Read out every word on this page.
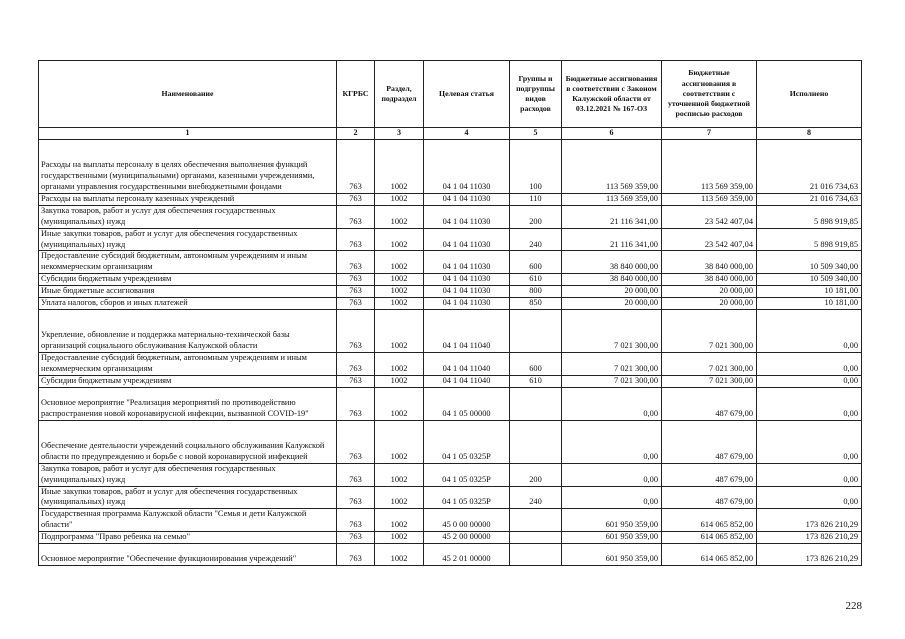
Наименование	КГРБС	Раздел, подраздел	Целевая статья	Группы и подгруппы видов расходов	Бюджетные ассигнования в соответствии с Законом Калужской области от 03.12.2021 № 167-ОЗ	Бюджетные ассигнования в соответствии с уточненной бюджетной росписью расходов	Исполнено
1	2	3	4	5	6	7	8
Расходы на выплаты персоналу в целях обеспечения выполнения функций государственными (муниципальными) органами, казенными учреждениями, органами управления государственными внебюджетными фондами	763	1002	04 1 04 11030	100	113 569 359,00	113 569 359,00	21 016 734,63
Расходы на выплаты персоналу казенных учреждений	763	1002	04 1 04 11030	110	113 569 359,00	113 569 359,00	21 016 734,63
Закупка товаров, работ и услуг для обеспечения государственных (муниципальных) нужд	763	1002	04 1 04 11030	200	21 116 341,00	23 542 407,04	5 898 919,85
Иные закупки товаров, работ и услуг для обеспечения государственных (муниципальных) нужд	763	1002	04 1 04 11030	240	21 116 341,00	23 542 407,04	5 898 919,85
Предоставление субсидий бюджетным, автономным учреждениям и иным некоммерческим организациям	763	1002	04 1 04 11030	600	38 840 000,00	38 840 000,00	10 509 340,00
Субсидии бюджетным учреждениям	763	1002	04 1 04 11030	610	38 840 000,00	38 840 000,00	10 509 340,00
Иные бюджетные ассигнования	763	1002	04 1 04 11030	800	20 000,00	20 000,00	10 181,00
Уплата налогов, сборов и иных платежей	763	1002	04 1 04 11030	850	20 000,00	20 000,00	10 181,00
Укрепление, обновление и поддержка материально-технической базы организаций социального обслуживания Калужской области	763	1002	04 1 04 11040		7 021 300,00	7 021 300,00	0,00
Предоставление субсидий бюджетным, автономным учреждениям и иным некоммерческим организациям	763	1002	04 1 04 11040	600	7 021 300,00	7 021 300,00	0,00
Субсидии бюджетным учреждениям	763	1002	04 1 04 11040	610	7 021 300,00	7 021 300,00	0,00
Основное мероприятие "Реализация мероприятий по противодействию распространения новой коронавирусной инфекции, вызванной COVID-19"	763	1002	04 1 05 00000		0,00	487 679,00	0,00
Обеспечение деятельности учреждений социального обслуживания Калужской области по предупреждению и борьбе с новой коронавирусной инфекцией	763	1002	04 1 05 0325P		0,00	487 679,00	0,00
Закупка товаров, работ и услуг для обеспечения государственных (муниципальных) нужд	763	1002	04 1 05 0325P	200	0,00	487 679,00	0,00
Иные закупки товаров, работ и услуг для обеспечения государственных (муниципальных) нужд	763	1002	04 1 05 0325P	240	0,00	487 679,00	0,00
Государственная программа Калужской области "Семья и дети Калужской области"	763	1002	45 0 00 00000		601 950 359,00	614 065 852,00	173 826 210,29
Подпрограмма "Право ребенка на семью"	763	1002	45 2 00 00000		601 950 359,00	614 065 852,00	173 826 210,29
Основное мероприятие "Обеспечение функционирования учреждений"	763	1002	45 2 01 00000		601 950 359,00	614 065 852,00	173 826 210,29
228
